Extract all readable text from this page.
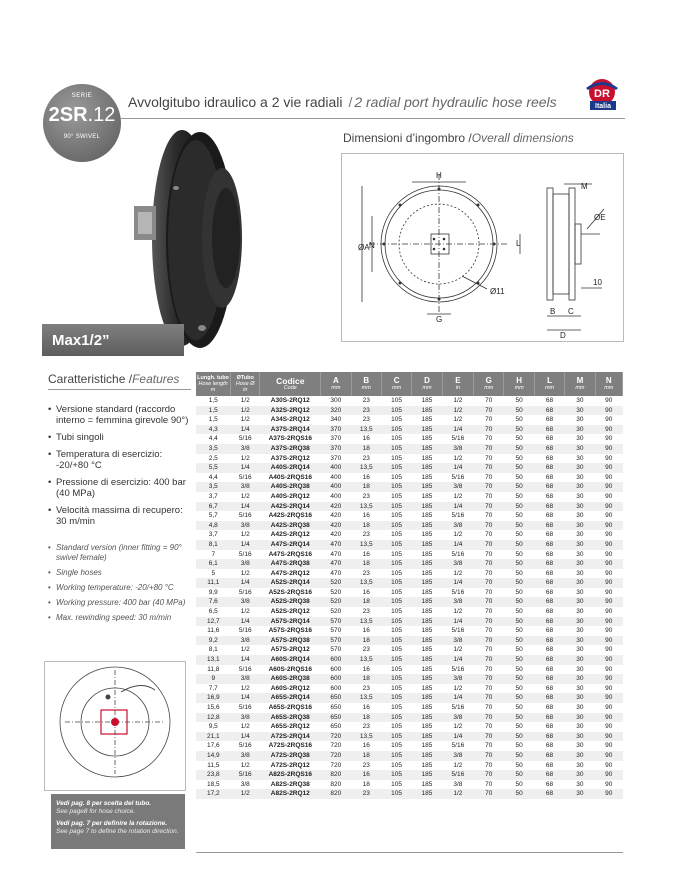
SERIE
2SR.12
90° SWIVEL
Avvolgitubo idraulico a 2 vie radiali / 2 radial port hydraulic hose reels	DR
Italia
Max1/2”
Dimensioni d’ingombro /Overall dimensions
H
M
ØE
ØA N	L
Ø11
10
G
B C
D
Caratteristiche /Features
• Versione standard (raccordo interno = femmina girevole 90°)
• Tubi singoli
• Temperatura di esercizio: -20/+80 °C
• Pressione di esercizio: 400 bar (40 MPa)
• Velocità massima di recupero: 30 m/min
• Standard version (inner fitting = 90° swivel female)
• Single hoses
• Working temperature: -20/+80 °C
• Working pressure: 400 bar (40 MPa)
• Max. rewinding speed: 30 m/min

Vedi pag. 8 per scelta del tubo.

See page8 for hose choice.

Vedi pag. 7 per definire la rotazione.

See page 7 to define the rotation direction.

Lungh. tubo
Hose length
m	ØTubo
Hose Ø
in	Codice
Code	A
mm	B
mm	C
mm	D
mm	E
in	G
mm	H
mm	L
mm	M
mm	N
mm

1,5	1/2	A30S-2RQ12	300	23	105	185	1/2	70	50	68	30	90
1,5	1/2	A32S-2RQ12	320	23	105	185	1/2	70	50	68	30	90
1,5	1/2	A34S-2RQ12	340	23	105	185	1/2	70	50	68	30	90
4,3	1/4	A37S-2RQ14	370	13,5	105	185	1/4	70	50	68	30	90
4,4	5/16	A37S-2RQS16	370	16	105	185	5/16	70	50	68	30	90
3,5	3/8	A37S-2RQ38	370	18	105	185	3/8	70	50	68	30	90
2,5	1/2	A37S-2RQ12	370	23	105	185	1/2	70	50	68	30	90
5,5	1/4	A40S-2RQ14	400	13,5	105	185	1/4	70	50	68	30	90
4,4	5/16	A40S-2RQS16	400	16	105	185	5/16	70	50	68	30	90
3,5	3/8	A40S-2RQ38	400	18	105	185	3/8	70	50	68	30	90
3,7	1/2	A40S-2RQ12	400	23	105	185	1/2	70	50	68	30	90
6,7	1/4	A42S-2RQ14	420	13,5	105	185	1/4	70	50	68	30	90
5,7	5/16	A42S-2RQS16	420	16	105	185	5/16	70	50	68	30	90
4,8	3/8	A42S-2RQ38	420	18	105	185	3/8	70	50	68	30	90
3,7	1/2	A42S-2RQ12	420	23	105	185	1/2	70	50	68	30	90
8,1	1/4	A47S-2RQ14	470	13,5	105	185	1/4	70	50	68	30	90
7	5/16	A47S-2RQS16	470	16	105	185	5/16	70	50	68	30	90
6,1	3/8	A47S-2RQ38	470	18	105	185	3/8	70	50	68	30	90
5	1/2	A47S-2RQ12	470	23	105	185	1/2	70	50	68	30	90
11,1	1/4	A52S-2RQ14	520	13,5	105	185	1/4	70	50	68	30	90
9,9	5/16	A52S-2RQS16	520	16	105	185	5/16	70	50	68	30	90
7,6	3/8	A52S-2RQ38	520	18	105	185	3/8	70	50	68	30	90
6,5	1/2	A52S-2RQ12	520	23	105	185	1/2	70	50	68	30	90
12,7	1/4	A57S-2RQ14	570	13,5	105	185	1/4	70	50	68	30	90
11,6	5/16	A57S-2RQS16	570	16	105	185	5/16	70	50	68	30	90
9,2	3/8	A57S-2RQ38	570	18	105	185	3/8	70	50	68	30	90
8,1	1/2	A57S-2RQ12	570	23	105	185	1/2	70	50	68	30	90
13,1	1/4	A60S-2RQ14	600	13,5	105	185	1/4	70	50	68	30	90
11,8	5/16	A60S-2RQS16	600	16	105	185	5/16	70	50	68	30	90
9	3/8	A60S-2RQ38	600	18	105	185	3/8	70	50	68	30	90
7,7	1/2	A60S-2RQ12	600	23	105	185	1/2	70	50	68	30	90
16,9	1/4	A65S-2RQ14	650	13,5	105	185	1/4	70	50	68	30	90
15,6	5/16	A65S-2RQS16	650	16	105	185	5/16	70	50	68	30	90
12,8	3/8	A65S-2RQ38	650	18	105	185	3/8	70	50	68	30	90
9,5	1/2	A65S-2RQ12	650	23	105	185	1/2	70	50	68	30	90
21,1	1/4	A72S-2RQ14	720	13,5	105	185	1/4	70	50	68	30	90
17,6	5/16	A72S-2RQS16	720	16	105	185	5/16	70	50	68	30	90
14,9	3/8	A72S-2RQ38	720	18	105	185	3/8	70	50	68	30	90
11,5	1/2	A72S-2RQ12	720	23	105	185	1/2	70	50	68	30	90
23,8	5/16	A82S-2RQS16	820	16	105	185	5/16	70	50	68	30	90
18,5	3/8	A82S-2RQ38	820	18	105	185	3/8	70	50	68	30	90
17,2	1/2	A82S-2RQ12	820	23	105	185	1/2	70	50	68	30	90
